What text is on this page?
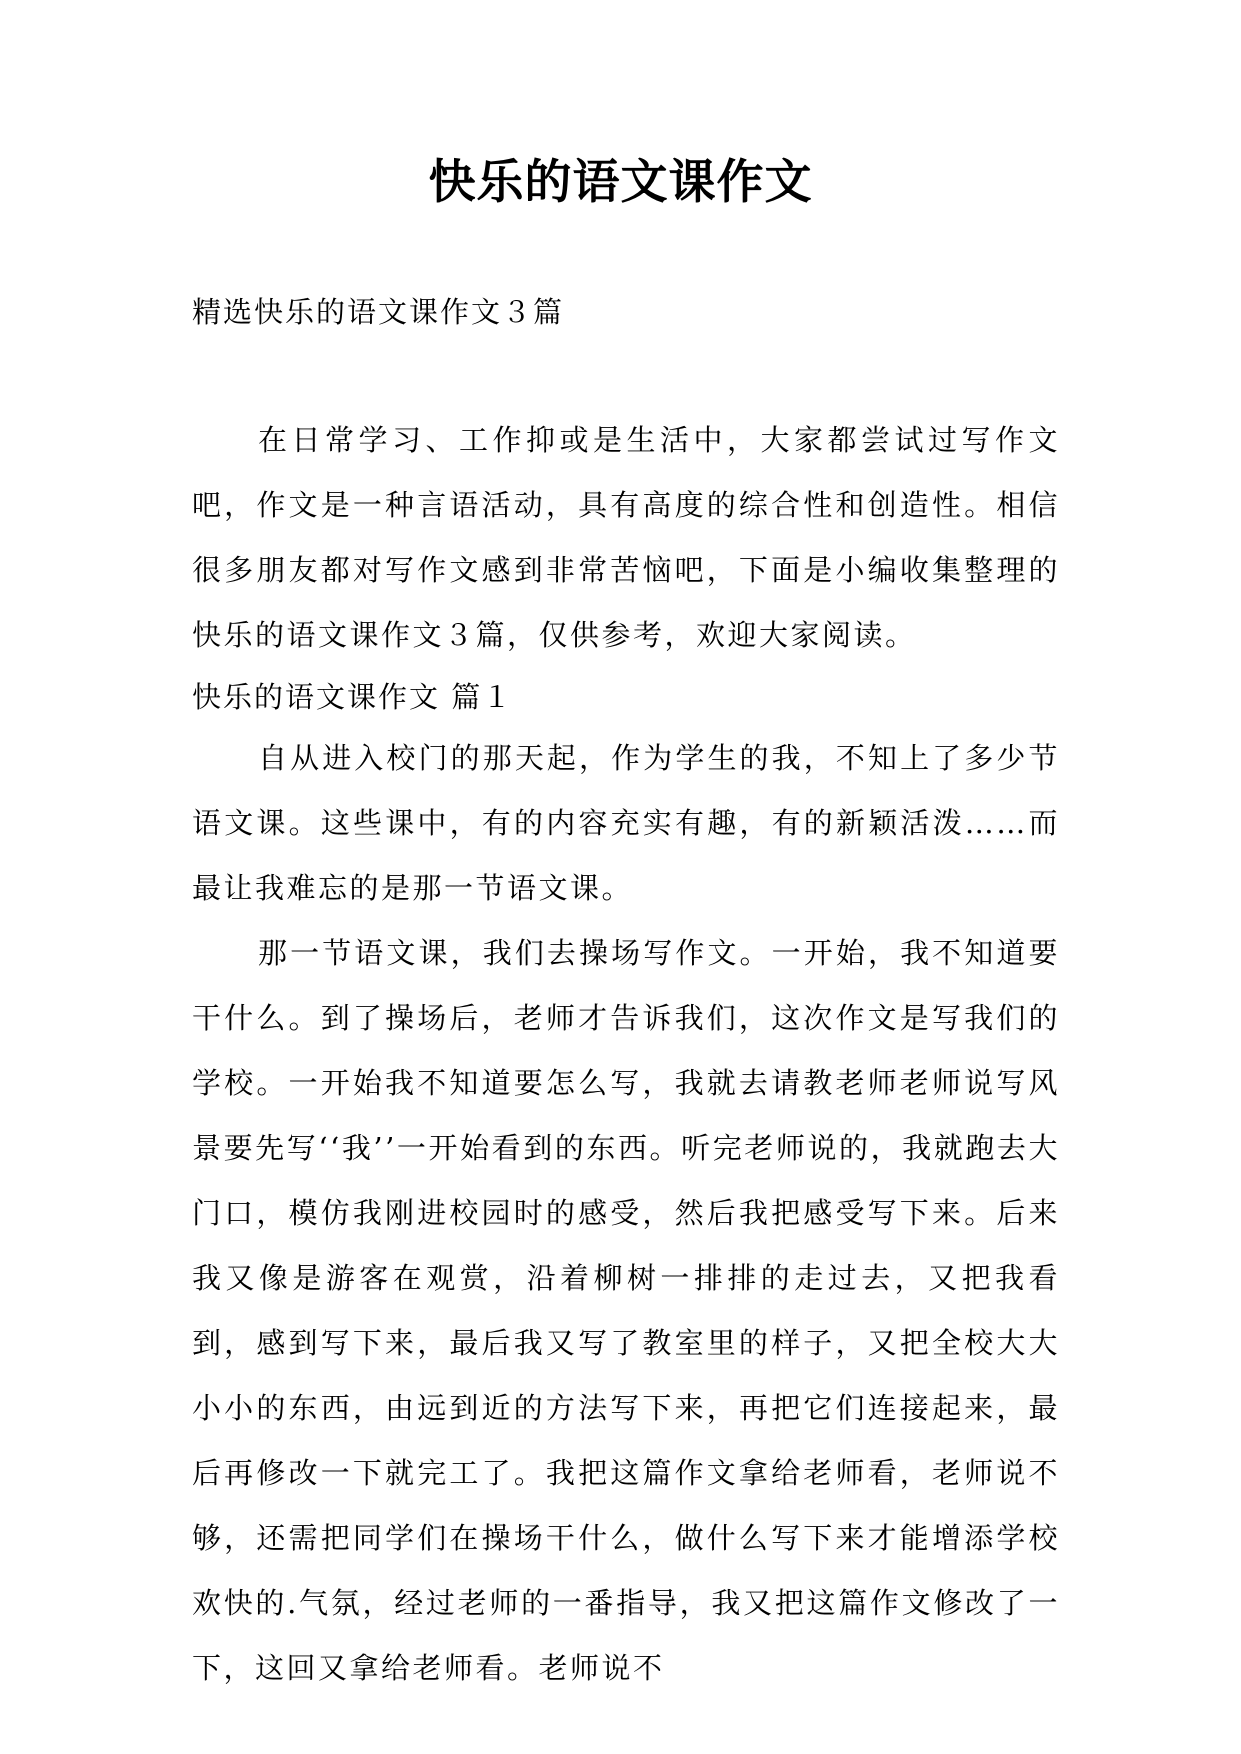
快乐的语文课作文
精选快乐的语文课作文３篇

在日常学习、工作抑或是生活中，大家都尝试过写作文吧，作文是一种言语活动，具有高度的综合性和创造性。相信很多朋友都对写作文感到非常苦恼吧，下面是小编收集整理的快乐的语文课作文３篇，仅供参考，欢迎大家阅读。

快乐的语文课作文 篇１

自从进入校门的那天起，作为学生的我，不知上了多少节语文课。这些课中，有的内容充实有趣，有的新颖活泼……而最让我难忘的是那一节语文课。

那一节语文课，我们去操场写作文。一开始，我不知道要干什么。到了操场后，老师才告诉我们，这次作文是写我们的学校。一开始我不知道要怎么写，我就去请教老师老师说写风景要先写‘‘我’’一开始看到的东西。听完老师说的，我就跑去大门口，模仿我刚进校园时的感受，然后我把感受写下来。后来我又像是游客在观赏，沿着柳树一排排的走过去，又把我看到，感到写下来，最后我又写了教室里的样子，又把全校大大小小的东西，由远到近的方法写下来，再把它们连接起来，最后再修改一下就完工了。我把这篇作文拿给老师看，老师说不够，还需把同学们在操场干什么，做什么写下来才能增添学校欢快的.气氛，经过老师的一番指导，我又把这篇作文修改了一下，这回又拿给老师看。老师说不
